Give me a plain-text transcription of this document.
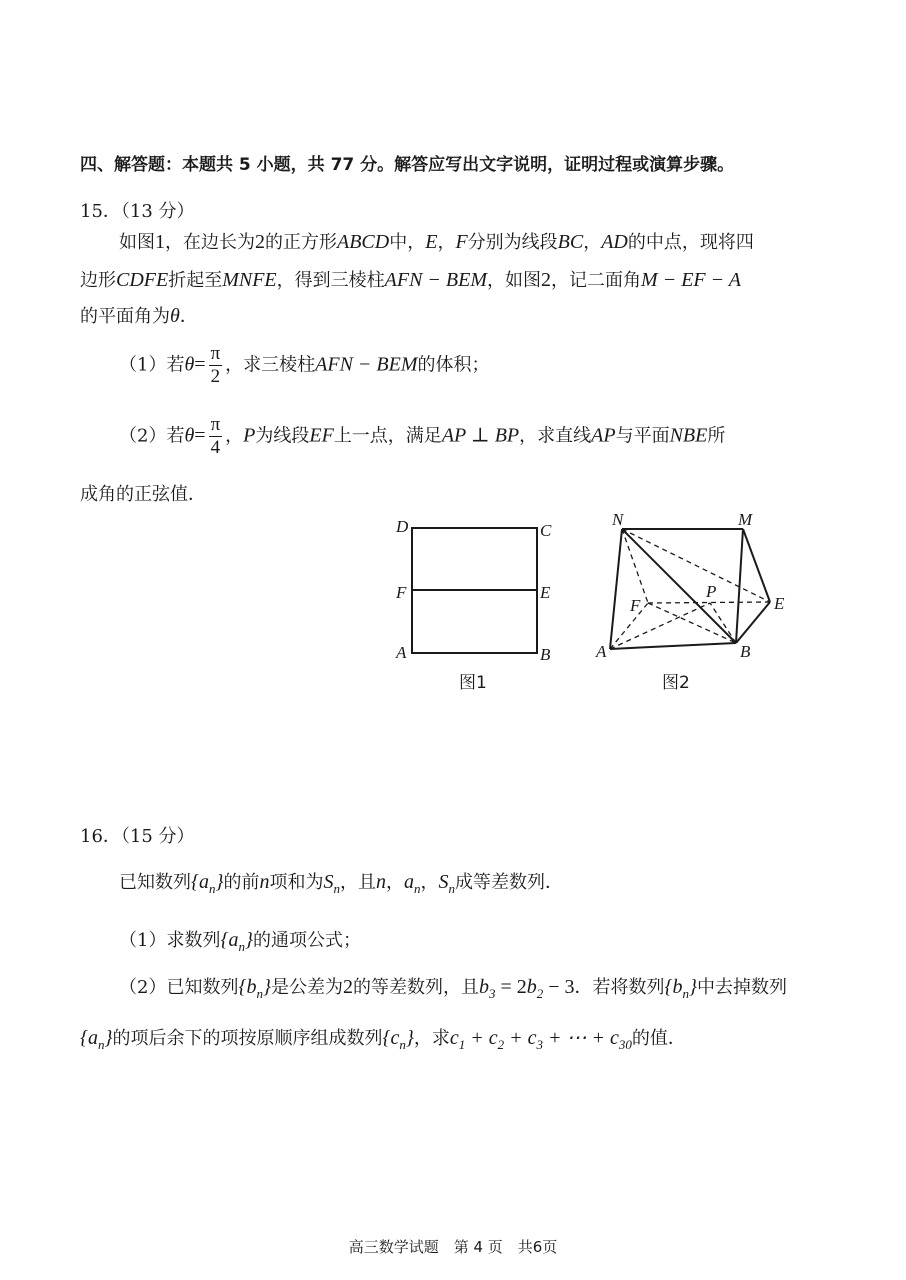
四、解答题：本题共 5 小题，共 77 分。解答应写出文字说明，证明过程或演算步骤。
15．（13 分）
如图1，在边长为2的正方形ABCD中，E，F分别为线段BC，AD的中点，现将四
边形CDFE折起至MNFE，得到三棱柱AFN − BEM，如图2，记二面角M − EF − A
的平面角为θ．
（1）若$\theta= \frac{\pi}{2}$ ，求三棱柱AFN − BEM的体积；
（2）若$\theta= \frac{\pi}{4}$ ，P为线段EF上一点，满足AP ⊥ BP，求直线AP与平面NBE所
成角的正弦值．
D	C
F	E
A	B
图1
N	M
F
P
E
A	B
图2
16．（15 分）
已知数列$\{a_n\}$的前n项和为$S_n$，且n，$a_n$，$S_n$成等差数列．
（1）求数列$\{a_n\}$的通项公式；
（2）已知数列$\{b_n\}$是公差为2的等差数列，且$b_3 = 2b_2 - 3$．若将数列$\{b_n\}$中去掉数列
$\{a_n\}$的项后余下的项按原顺序组成数列$\{c_n\}$，求$c_1 + c_2 + c_3$ + ⋯ + $c_{30}$的值．
高三数学试题　第 4 页　共6页
